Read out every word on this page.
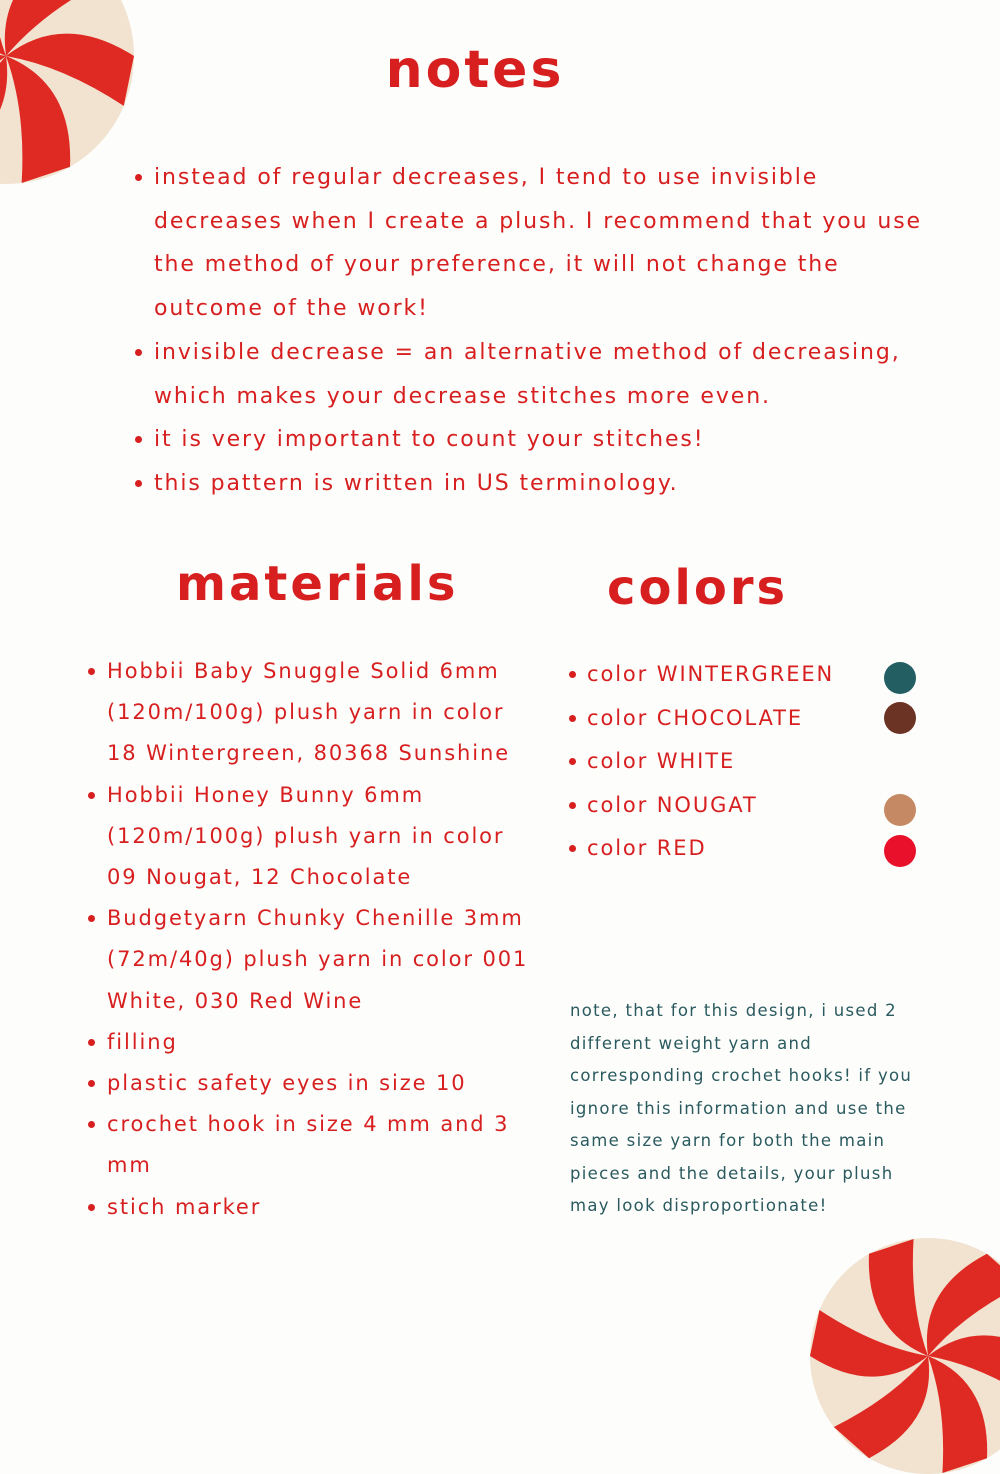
notes
instead of regular decreases, I tend to use invisible decreases when I create a plush. I recommend that you use the method of your preference, it will not change the outcome of the work!
invisible decrease = an alternative method of decreasing, which makes your decrease stitches more even.
it is very important to count your stitches!
this pattern is written in US terminology.
materials
Hobbii Baby Snuggle Solid 6mm (120m/100g) plush yarn in color 18 Wintergreen, 80368 Sunshine
Hobbii Honey Bunny 6mm (120m/100g) plush yarn in color 09 Nougat, 12 Chocolate
Budgetyarn Chunky Chenille 3mm (72m/40g) plush yarn in color 001 White, 030 Red Wine
filling
plastic safety eyes in size 10
crochet hook in size 4 mm and 3 mm
stich marker
colors
color WINTERGREEN
color CHOCOLATE
color WHITE
color NOUGAT
color RED

note, that for this design, i used 2 different weight yarn and corresponding crochet hooks! if you ignore this information and use the same size yarn for both the main pieces and the details, your plush may look disproportionate!
